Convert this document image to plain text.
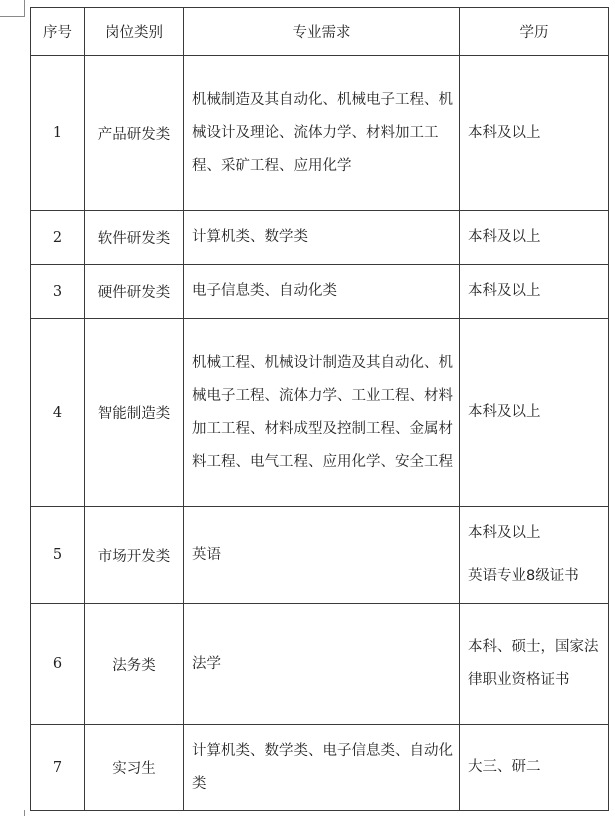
序号	岗位类别	专业需求	学历
1	产品研发类	机械制造及其自动化、机械电子工程、机械设计及理论、流体力学、材料加工工程、采矿工程、应用化学	本科及以上

2	软件研发类	计算机类、数学类	本科及以上

3	硬件研发类	电子信息类、自动化类	本科及以上

4	智能制造类	机械工程、机械设计制造及其自动化、机械电子工程、流体力学、工业工程、材料加工工程、材料成型及控制工程、金属材料工程、电气工程、应用化学、安全工程	本科及以上

5	市场开发类	英语	本科及以上
英语专业8级证书

6	法务类	法学	本科、硕士，国家法律职业资格证书

7	实习生	计算机类、数学类、电子信息类、自动化类	大三、研二
